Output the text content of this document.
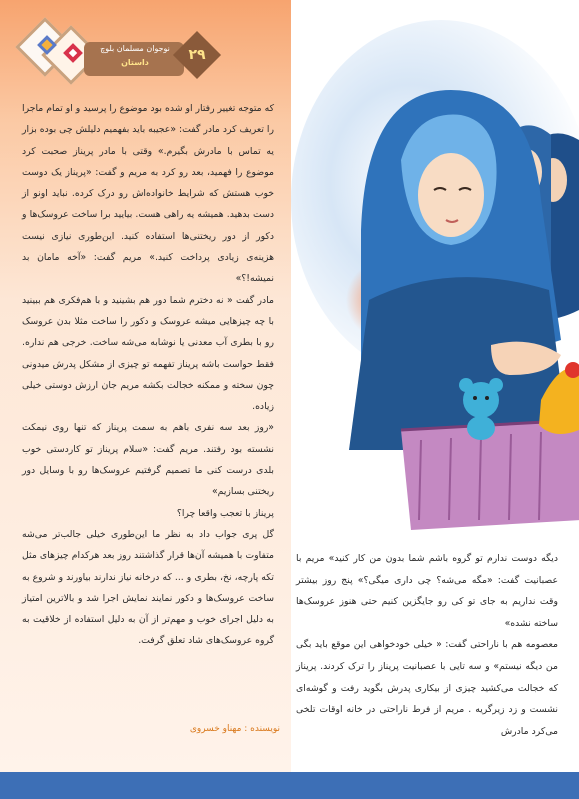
نوجوان مسلمان بلوچ
داستان	۲۹

که متوجه تغییر رفتار او شده بود موضوع را پرسید و او تمام ماجرا را تعریف کرد مادر گفت: «عجیبه باید بفهمیم دلیلش چی بوده بزار یه تماس با مادرش بگیرم.» وقتی با مادر پریناز صحبت کرد موضوع را فهمید، بعد رو کرد به مریم و گفت: «پریناز یک دوست خوب هستش که شرایط خانواده‌اش رو درک کرده. نباید اونو از دست بدهید. همیشه یه راهی هست. بیایید برا ساخت عروسک‌ها و دکور از دور ریختنی‌ها استفاده کنید. این‌طوری نیازی نیست هزینه‌ی زیادی پرداخت کنید.» مریم گفت: «آخه مامان بد نمیشه!؟»

مادر گفت « نه دخترم شما دور هم بشینید و با هم‌فکری هم ببینید با چه چیزهایی میشه عروسک و دکور را ساخت مثلا بدن عروسک رو با بطری آب معدنی یا نوشابه می‌شه ساخت. خرجی هم نداره. فقط حواست باشه پریناز تفهمه تو چیزی از مشکل پدرش میدونی چون سخته و ممکنه خجالت بکشه مریم جان ارزش دوستی خیلی زیاده.

«روز بعد سه نفری باهم به سمت پریناز که تنها روی نیمکت نشسته بود رفتند. مریم گفت: «سلام پریناز تو کاردستی خوب بلدی درست کنی ما تصمیم گرفتیم عروسک‌ها رو با وسایل دور ریختنی بسازیم»

پریناز با تعجب واقعا چرا؟

گل پری جواب داد به نظر ما این‌طوری خیلی جالب‌تر می‌شه متفاوت با همیشه آن‌ها قرار گذاشتند روز بعد هرکدام چیزهای مثل تکه پارچه، نخ، بطری و ... که درخانه نیاز ندارند بیاورند و شروع به ساخت عروسک‌ها و دکور نمایند نمایش اجرا شد و بالاترین امتیاز به دلیل اجرای خوب و مهم‌تر از آن به دلیل استفاده از خلاقیت به گروه عروسک‌های شاد تعلق گرفت.

نویسنده : مهناو خسروی

دیگه دوست ندارم تو گروه باشم شما بدون من کار کنید» مریم با عصبانیت گفت: «مگه می‌شه؟ چی داری میگی؟» پنج روز بیشتر وقت نداریم به جای تو کی رو جایگزین کنیم حتی هنوز عروسک‌ها ساخته نشده»

معصومه هم با ناراحتی گفت: « خیلی خودخواهی این موقع باید بگی من دیگه نیستم» و سه تایی با عصبانیت پریناز را ترک کردند. پریناز که خجالت می‌کشید چیزی از بیکاری پدرش بگوید رفت و گوشه‌ای نشست و زد زیرگریه . مریم از فرط ناراحتی در خانه اوقات تلخی می‌کرد مادرش
